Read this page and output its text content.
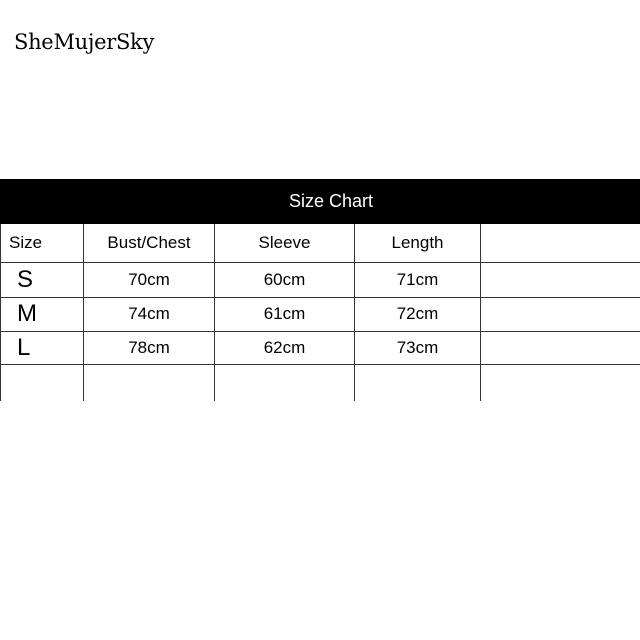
SheMujerSky
Size Chart
Size	Bust/Chest	Sleeve	Length	
S	70cm	60cm	71cm	
M	74cm	61cm	72cm	
L	78cm	62cm	73cm	
